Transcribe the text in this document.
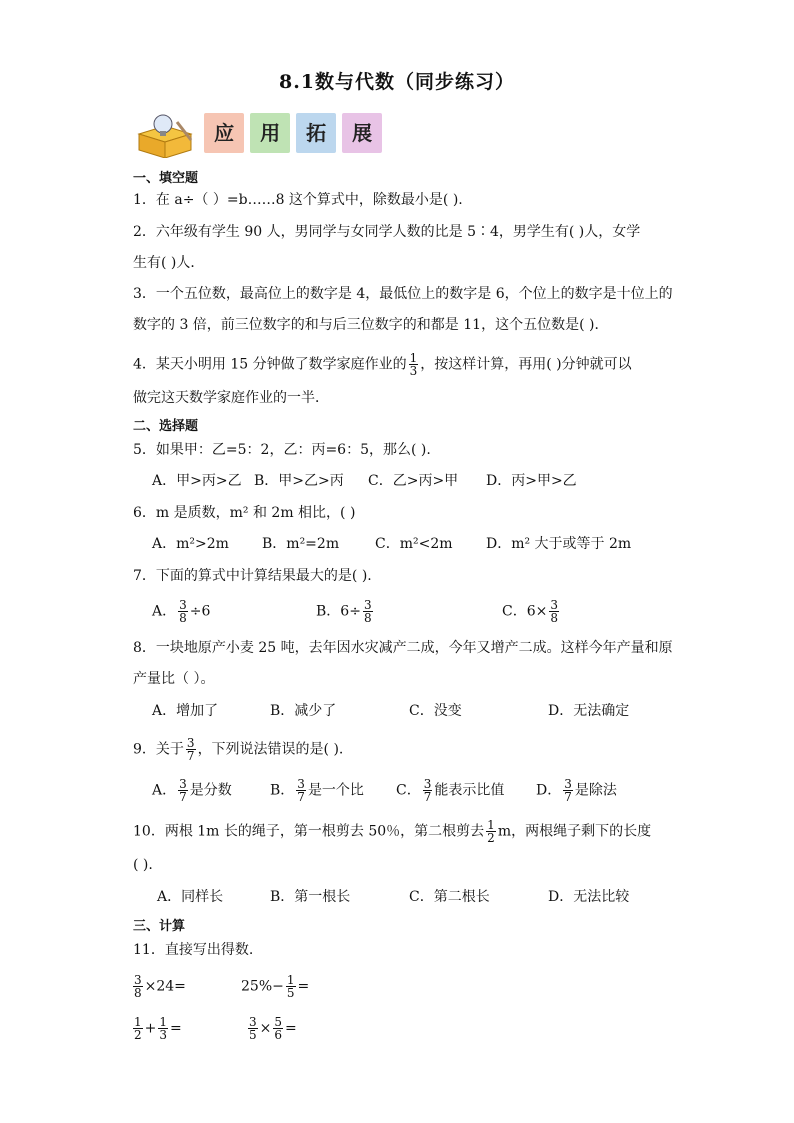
8.1数与代数（同步练习）
应 用 拓 展
一、填空题
1．在 a÷（ ）=b……8 这个算式中，除数最小是( ).
2．六年级有学生 90 人，男同学与女同学人数的比是 5∶4，男学生有( )人，女学
生有( )人．
3．一个五位数，最高位上的数字是 4，最低位上的数字是 6，个位上的数字是十位上的
数字的 3 倍，前三位数字的和与后三位数字的和都是 11，这个五位数是( )．
4．某天小明用 15 分钟做了数学家庭作业的 $\frac{1}{3}$ ，按这样计算，再用( )分钟就可以
做完这天数学家庭作业的一半．
二、选择题
5．如果甲：乙=5：2，乙：丙=6：5，那么( ).
A．甲>丙>乙 B．甲>乙>丙 C．乙>丙>甲 D．丙>甲>乙
6．m 是质数，m² 和 2m 相比，( )
A．m²>2m B．m²=2m	C．m²<2m D．m² 大于或等于 2m
7．下面的算式中计算结果最大的是( ).
A． $\frac{3}{8} \div 6$	B．$6\div \frac{3}{8}$	C．$6\times \frac{3}{8}$
8．一块地原产小麦 25 吨，去年因水灾减产二成，今年又增产二成。这样今年产量和原
产量比（ ）。
A．增加了	B．减少了	C．没变	D．无法确定
9．关于 $\frac{3}{7}$ ，下列说法错误的是( ).
A． $\frac{3}{7}$ 是分数	B． $\frac{3}{7}$ 是一个比 C． $\frac{3}{7}$ 能表示比值 D． $\frac{3}{7}$ 是除法
10．两根 1m 长的绳子，第一根剪去 50％，第二根剪去 $\frac{1}{2}$ m，两根绳子剩下的长度
( ).
A．同样长	B．第一根长	C．第二根长	D．无法比较
三、计算
11．直接写出得数.
$\frac{3}{8} \times 24=$	$25\%- \frac{1}{5}$ =
$\frac{1}{2} + \frac{1}{3}$ =	$\frac{3}{5} \times \frac{5}{6}$ =
